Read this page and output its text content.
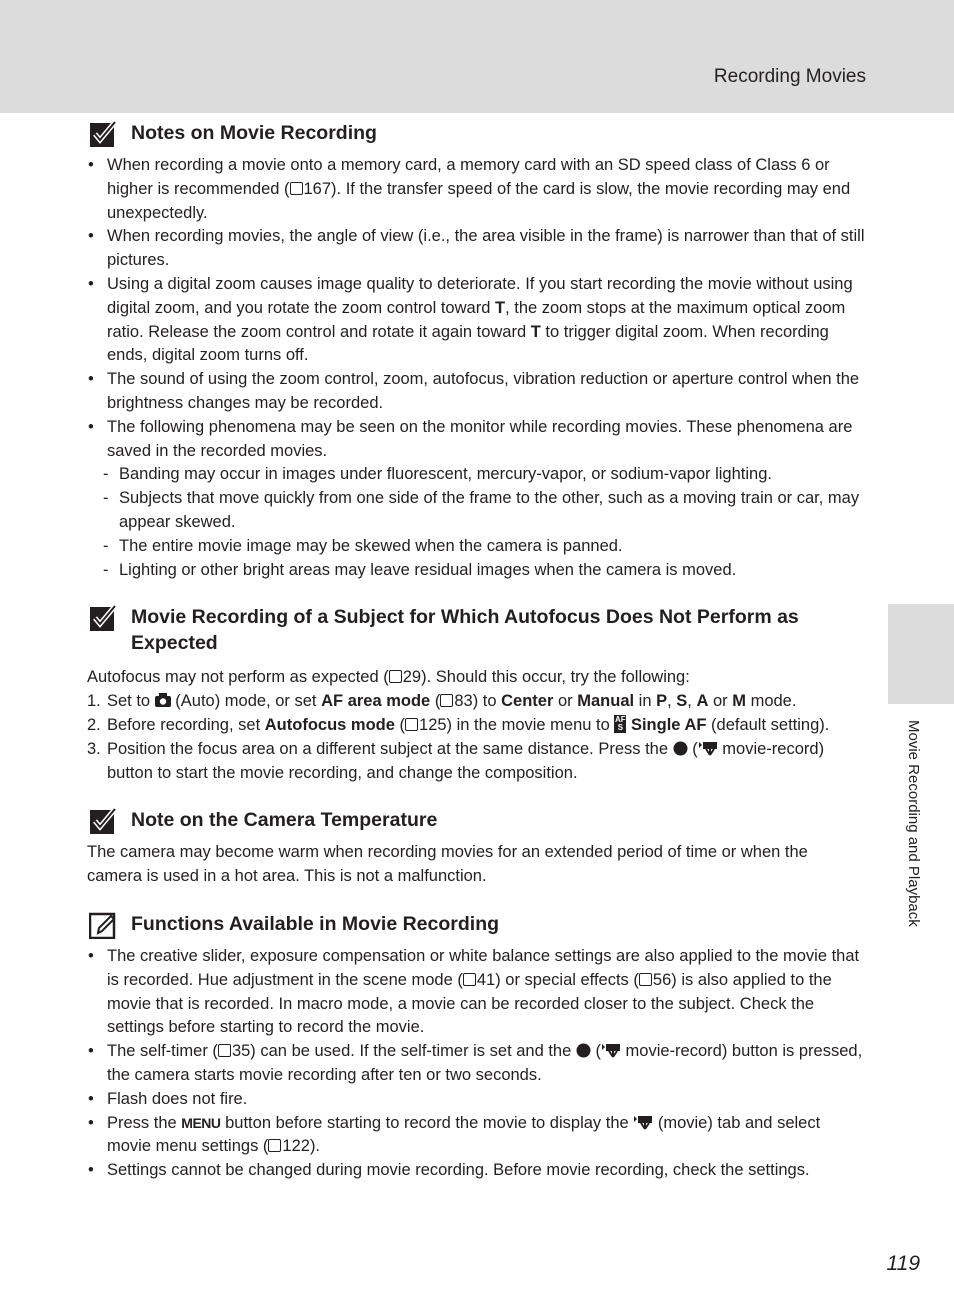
Recording Movies
Movie Recording and Playback
119
Notes on Movie Recording
• When recording a movie onto a memory card, a memory card with an SD speed class of Class 6 or higher is recommended ( 167). If the transfer speed of the card is slow, the movie recording may end unexpectedly.
• When recording movies, the angle of view (i.e., the area visible in the frame) is narrower than that of still pictures.
• Using a digital zoom causes image quality to deteriorate. If you start recording the movie without using digital zoom, and you rotate the zoom control toward T, the zoom stops at the maximum optical zoom ratio. Release the zoom control and rotate it again toward T to trigger digital zoom. When recording ends, digital zoom turns off.
• The sound of using the zoom control, zoom, autofocus, vibration reduction or aperture control when the brightness changes may be recorded.
• The following phenomena may be seen on the monitor while recording movies. These phenomena are saved in the recorded movies.
- Banding may occur in images under fluorescent, mercury-vapor, or sodium-vapor lighting.
- Subjects that move quickly from one side of the frame to the other, such as a moving train or car, may appear skewed.
- The entire movie image may be skewed when the camera is panned.
- Lighting or other bright areas may leave residual images when the camera is moved.
Movie Recording of a Subject for Which Autofocus Does Not Perform as Expected

Autofocus may not perform as expected ( 29). Should this occur, try the following:

1. Set to  (Auto) mode, or set AF area mode ( 83) to Center or Manual in P, S, A or M mode.
2. Before recording, set Autofocus mode ( 125) in the movie menu to AFS Single AF (default setting).
3. Position the focus area on a different subject at the same distance. Press the  ( movie-record) button to start the movie recording, and change the composition.
Note on the Camera Temperature

The camera may become warm when recording movies for an extended period of time or when the camera is used in a hot area. This is not a malfunction.

Functions Available in Movie Recording
• The creative slider, exposure compensation or white balance settings are also applied to the movie that is recorded. Hue adjustment in the scene mode ( 41) or special effects ( 56) is also applied to the movie that is recorded. In macro mode, a movie can be recorded closer to the subject. Check the settings before starting to record the movie.
• The self-timer ( 35) can be used. If the self-timer is set and the  ( movie-record) button is pressed, the camera starts movie recording after ten or two seconds.
• Flash does not fire.
• Press the MENU button before starting to record the movie to display the  (movie) tab and select movie menu settings ( 122).
• Settings cannot be changed during movie recording. Before movie recording, check the settings.
